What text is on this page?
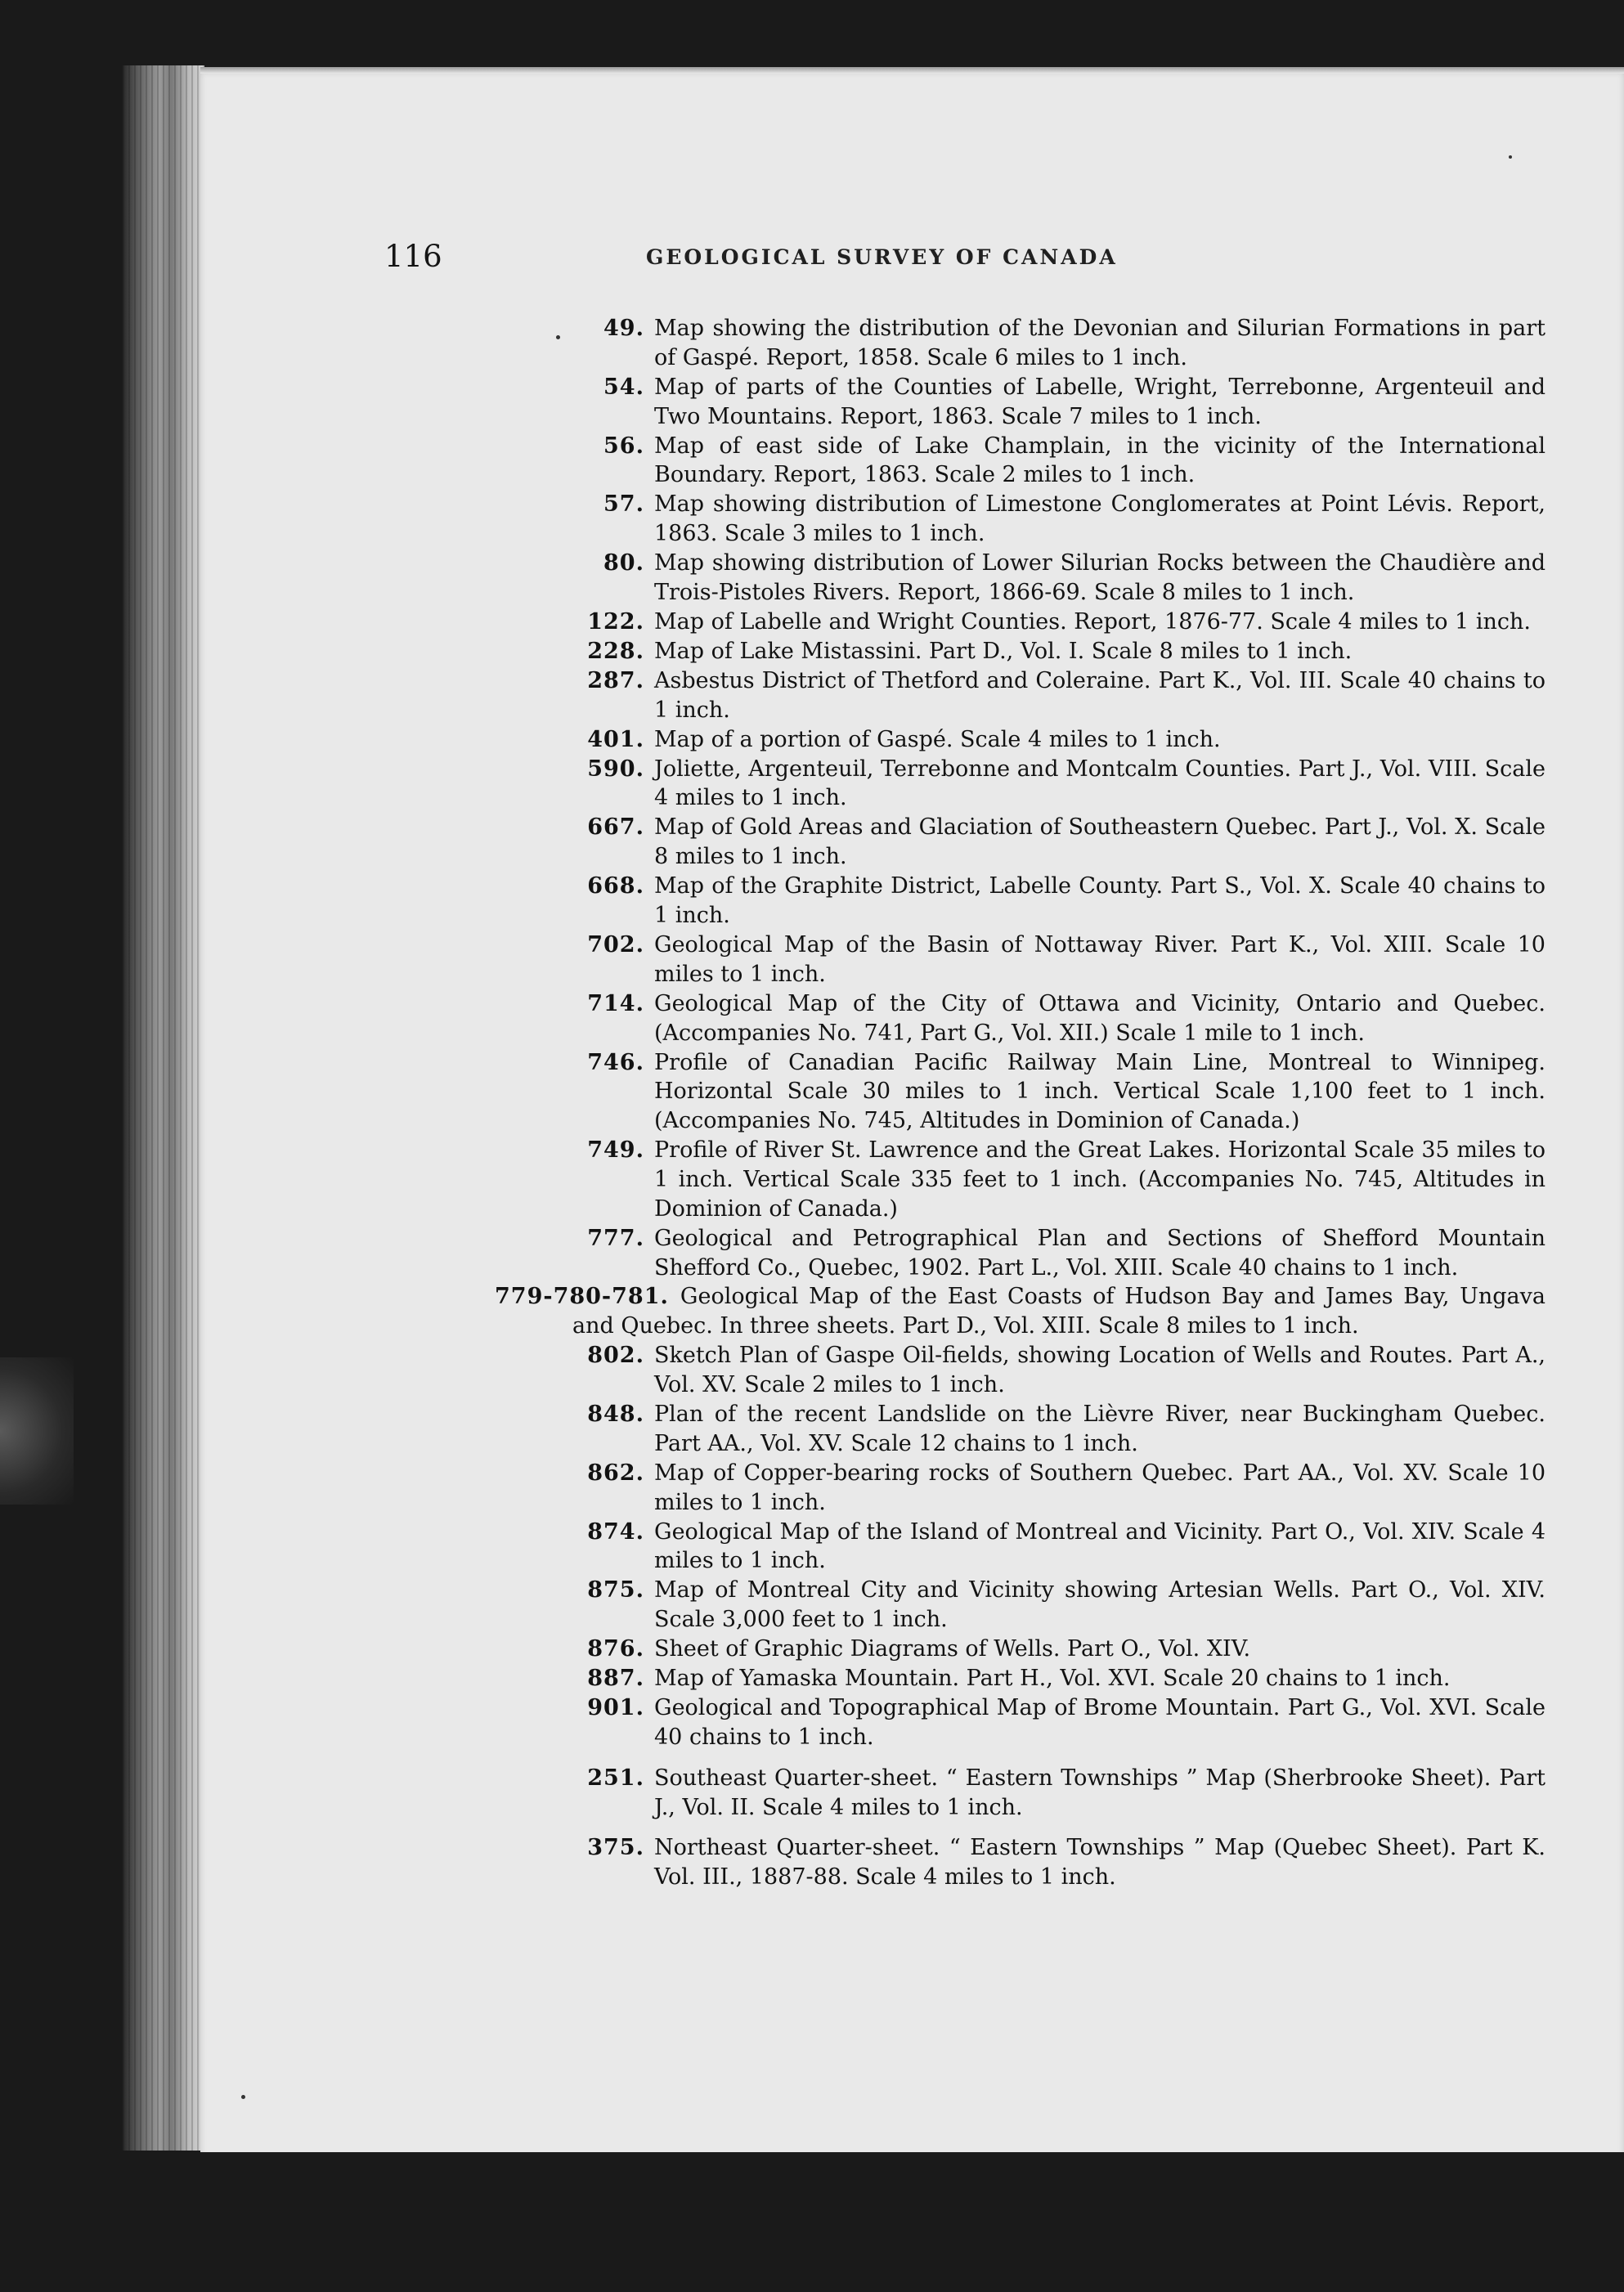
116	GEOLOGICAL SURVEY OF CANADA
49. Map showing the distribution of the Devonian and Silurian Formations in part of Gaspé. Report, 1858. Scale 6 miles to 1 inch.
54. Map of parts of the Counties of Labelle, Wright, Terrebonne, Argenteuil and Two Mountains. Report, 1863. Scale 7 miles to 1 inch.
56. Map of east side of Lake Champlain, in the vicinity of the International Boundary. Report, 1863. Scale 2 miles to 1 inch.
57. Map showing distribution of Limestone Conglomerates at Point Lévis. Report, 1863. Scale 3 miles to 1 inch.
80. Map showing distribution of Lower Silurian Rocks between the Chaudière and Trois-Pistoles Rivers. Report, 1866-69. Scale 8 miles to 1 inch.
122. Map of Labelle and Wright Counties. Report, 1876-77. Scale 4 miles to 1 inch.
228. Map of Lake Mistassini. Part D., Vol. I. Scale 8 miles to 1 inch.
287. Asbestus District of Thetford and Coleraine. Part K., Vol. III. Scale 40 chains to 1 inch.
401. Map of a portion of Gaspé. Scale 4 miles to 1 inch.
590. Joliette, Argenteuil, Terrebonne and Montcalm Counties. Part J., Vol. VIII. Scale 4 miles to 1 inch.
667. Map of Gold Areas and Glaciation of Southeastern Quebec. Part J., Vol. X. Scale 8 miles to 1 inch.
668. Map of the Graphite District, Labelle County. Part S., Vol. X. Scale 40 chains to 1 inch.
702. Geological Map of the Basin of Nottaway River. Part K., Vol. XIII. Scale 10 miles to 1 inch.
714. Geological Map of the City of Ottawa and Vicinity, Ontario and Quebec. (Accompanies No. 741, Part G., Vol. XII.) Scale 1 mile to 1 inch.
746. Profile of Canadian Pacific Railway Main Line, Montreal to Winnipeg. Horizontal Scale 30 miles to 1 inch. Vertical Scale 1,100 feet to 1 inch. (Accompanies No. 745, Altitudes in Dominion of Canada.)
749. Profile of River St. Lawrence and the Great Lakes. Horizontal Scale 35 miles to 1 inch. Vertical Scale 335 feet to 1 inch. (Accompanies No. 745, Altitudes in Dominion of Canada.)
777. Geological and Petrographical Plan and Sections of Shefford Mountain Shefford Co., Quebec, 1902. Part L., Vol. XIII. Scale 40 chains to 1 inch.
779-780-781. Geological Map of the East Coasts of Hudson Bay and James Bay, Ungava and Quebec. In three sheets. Part D., Vol. XIII. Scale 8 miles to 1 inch.
802. Sketch Plan of Gaspe Oil-fields, showing Location of Wells and Routes. Part A., Vol. XV. Scale 2 miles to 1 inch.
848. Plan of the recent Landslide on the Lièvre River, near Buckingham Quebec. Part AA., Vol. XV. Scale 12 chains to 1 inch.
862. Map of Copper-bearing rocks of Southern Quebec. Part AA., Vol. XV. Scale 10 miles to 1 inch.
874. Geological Map of the Island of Montreal and Vicinity. Part O., Vol. XIV. Scale 4 miles to 1 inch.
875. Map of Montreal City and Vicinity showing Artesian Wells. Part O., Vol. XIV. Scale 3,000 feet to 1 inch.
876. Sheet of Graphic Diagrams of Wells. Part O., Vol. XIV.
887. Map of Yamaska Mountain. Part H., Vol. XVI. Scale 20 chains to 1 inch.
901. Geological and Topographical Map of Brome Mountain. Part G., Vol. XVI. Scale 40 chains to 1 inch.
251. Southeast Quarter-sheet. “ Eastern Townships ” Map (Sherbrooke Sheet). Part J., Vol. II. Scale 4 miles to 1 inch.
375. Northeast Quarter-sheet. “ Eastern Townships ” Map (Quebec Sheet). Part K. Vol. III., 1887-88. Scale 4 miles to 1 inch.
